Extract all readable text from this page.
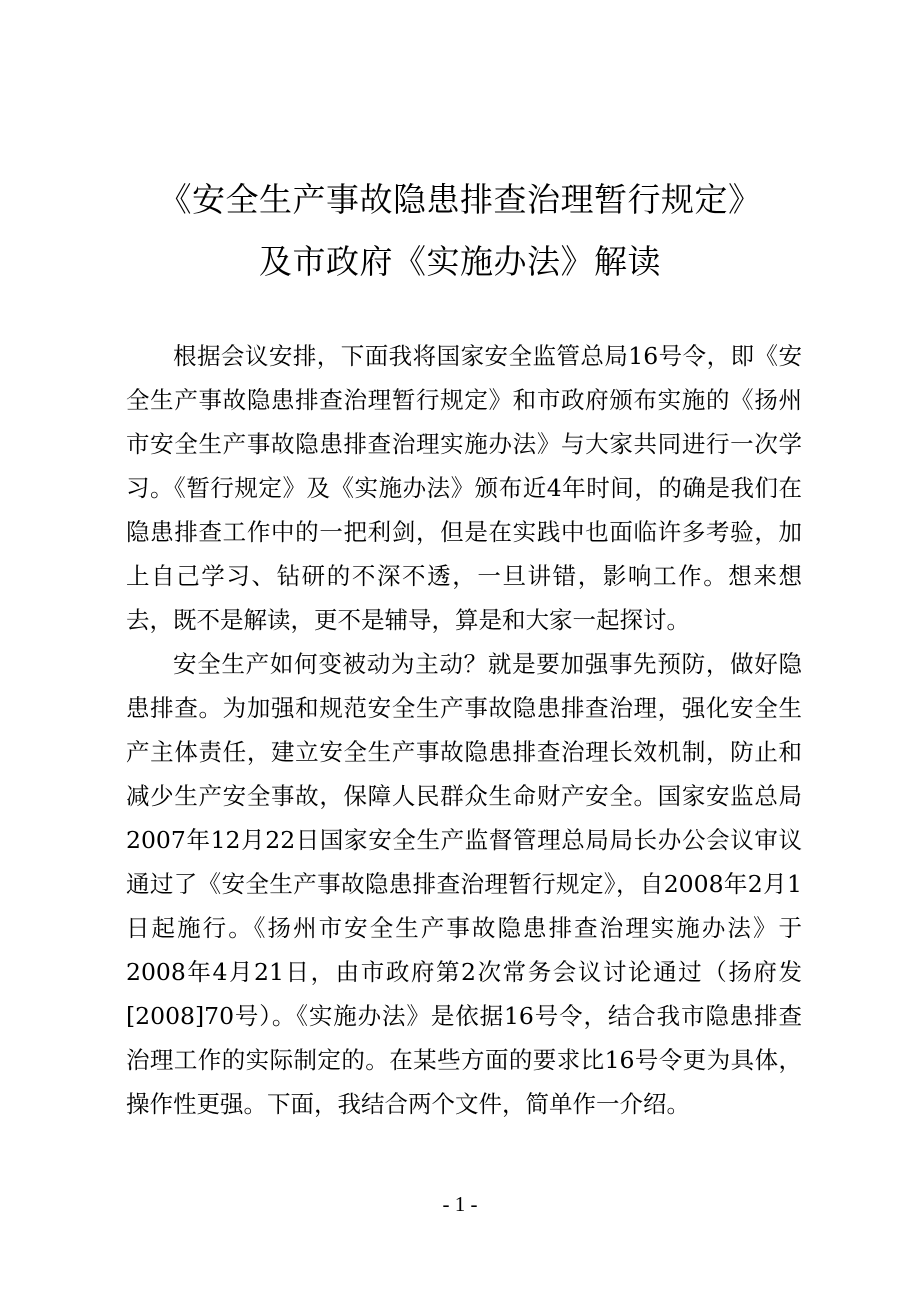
《安全生产事故隐患排查治理暂行规定》
及市政府《实施办法》解读

根据会议安排，下面我将国家安全监管总局16号令，即《安全生产事故隐患排查治理暂行规定》和市政府颁布实施的《扬州市安全生产事故隐患排查治理实施办法》与大家共同进行一次学习。《暂行规定》及《实施办法》颁布近4年时间，的确是我们在隐患排查工作中的一把利剑，但是在实践中也面临许多考验，加上自己学习、钻研的不深不透，一旦讲错，影响工作。想来想去，既不是解读，更不是辅导，算是和大家一起探讨。

安全生产如何变被动为主动？就是要加强事先预防，做好隐患排查。为加强和规范安全生产事故隐患排查治理，强化安全生产主体责任，建立安全生产事故隐患排查治理长效机制，防止和减少生产安全事故，保障人民群众生命财产安全。国家安监总局2007年12月22日国家安全生产监督管理总局局长办公会议审议通过了《安全生产事故隐患排查治理暂行规定》，自2008年2月1日起施行。《扬州市安全生产事故隐患排查治理实施办法》于2008年4月21日，由市政府第2次常务会议讨论通过（扬府发[2008]70号）。《实施办法》是依据16号令，结合我市隐患排查治理工作的实际制定的。在某些方面的要求比16号令更为具体，操作性更强。下面，我结合两个文件，简单作一介绍。

- 1 -
